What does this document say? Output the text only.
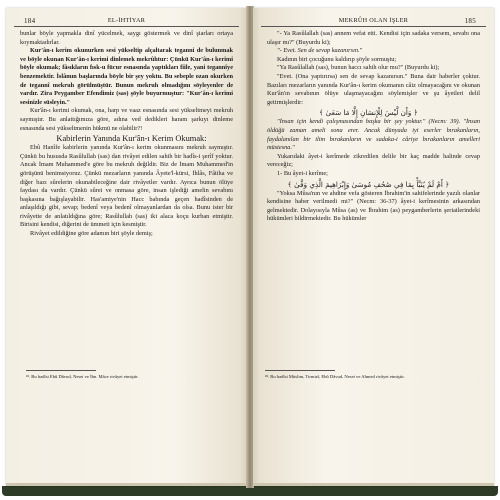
184	EL-İHTİYAR

bunlar böyle yapmakla dinî yücelmek, saygı göstermek ve dinî şiarları ortaya koymaktadırlar.

Kur'ân-ı kerim okunurken sesi yükseltip alçaltarak teganni de bulunmak ve böyle okunan Kur'ân-ı kerimi dinlemek mekrûhtur: Çünkü Kur'ân-ı kerimi böyle okumak; fâsıkların fısk-u fücur esnasında yaptıkları fiile, yani tegannîye benzemektir. İslâmın başlarında böyle bir şey yoktu. Bu sebeple ozan okurken de tegannî mekruh görülmüştür. Bunun mekruh olmadığını söyleyenler de vardır. Zira Peygamber Efendimiz (sas) şöyle buyurmuştur: "Kur'ân-ı kerimi sesinizle süsleyin."

Kur'ân-ı kerimi okumak, ona, harp ve vaaz esnasında sesi yükseltmeyi mekruh saymıştır. Bu anlattığımıza göre, adına ved dedikleri haram şarkıyı dinleme esnasında sesi yükseltmenin hükmü ne olabilir?!

Kabirlerin Yanında Kur'ân-ı Kerim Okumak:

Ebû Hanîfe kabirlerin yanında Kur'ân-ı kerim okunmasını mekruh saymıştır. Çünkü bu hususda Rasûlullah (sas) dan rivâyet edilen sahih bir hadîs-i şerîf yoktur. Ancak İmam Muhammed'e göre bu mekruh değildir. Biz de İmam Muhammed'in görüşünü benimsiyoruz. Çünkü mezarların yanında Âyete'l-kürsi, İhlâs, Fâtiha ve diğer bazı sûrelerin okunabileceğine dair rivâyetler vardır. Ayrıca bunun ölüye faydası da vardır. Çünkü sûrei ve onmasa göre, insan işlediği amelin sevabını başkasına bağışlayabilir. Has'amiye'nin Hacc babında geçen hadîsinden de anlaşıldığı gibi, sevap; bedenî veya bedenî olmayanlardan da olsa. Bunu ister bir rivâyette de anlatıldığına göre; Rasûlullah (sas) iki alaca koçu kurban etmiştir. Birisini kendisi, diğerini de ümmeti için kesmiştir.

Rivâyet edildiğine göre adamın biri şöyle demiş;

⁸¹. Bu hadîsi Ebû Dâvud, Nesei ve İbn. Mâce rivâyet etmiştir.
MEKRÛH OLAN İŞLER	185

"- Ya Rasûlallah (sas) annem vefat etti. Kendisi için sadaka versem, sevabı ona ulaşır mı?" (Buyurdu ki);

"- Evet. Sen de sevap kazanırsın."

Kadının biri çocuğunu kaldırıp şöyle sormuştu;

"Ya Rasûlallah (sas), bunun haccı sahih olur mu?" (Buyurdu ki);

"Evet. (Ona yaptırırsa) sen de sevap kazanırsın." Buna dair haberler çoktur. Bazıları mezarların yanında Kur'ân-ı kerim okumanın câiz olmayacağını ve okunan Kur'ân'ın sevabının ölüye ulaşmayacağını söylemişler ve şu âyetleri delil getirmişlerdir:

﴿ وَأَن لَّيْسَ لِلْإِنسَانِ إِلَّا مَا سَعَىٰ ﴾

"İnsan için kendi çalışmasından başka bir şey yoktur." (Necm: 39). "İnsan öldüğü zaman ameli sona erer. Ancak dünyada iyi eserler bırakanların, faydalanılan bir ilim bırakanların ve sadaka-i câriye bırakanların amelleri müstesna."

Yukarıdaki âyet-i kerîmede zikredilen delile bir kaç madde halinde cevap vereceğiz;

1- Bu âyet-i kerîme;

﴿ أَمْ لَمْ يُنَبَّأْ بِمَا فِي صُحُفِ مُوسَىٰ وَإِبْرَاهِيمَ الَّذِي وَفَّىٰ ﴾

"Yoksa Mûsa'nın ve ahdine vefa gösteren İbrahim'in sahifelerinde yazılı olanlar kendisine haber verilmedi mi?" (Necm: 36-37) âyet-i kerîmesinin arkasından gelmektedir. Dolayısıyla Mûsa (as) ve İbrahim (as) peygamberlerin şeriatlerindeki hükümleri bildirmektedir. Bu hükümler

⁸². Bu hadîsi Müslim, Tirmizî, Ebû Dâvud, Nesei ve Ahmed rivâyet etmiştir.
